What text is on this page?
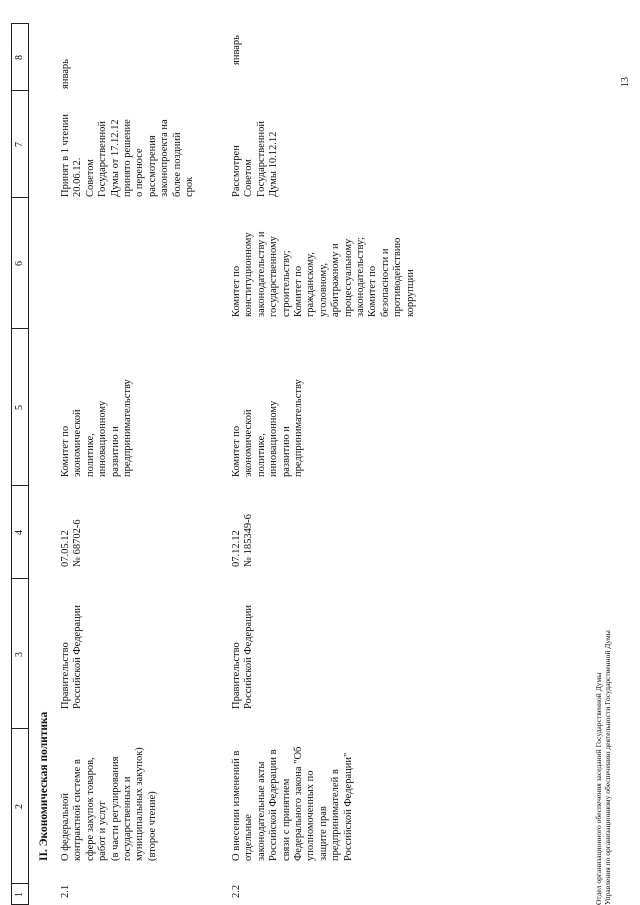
1
2
3
4
5
6
7
8
II. Экономическая политика
2.1
О федеральной
контрактной системе в
сфере закупок товаров,
работ и услуг
(в части регулирования
государственных и
муниципальных закупок)
(второе чтение)
Правительство
Российской Федерации
07.05.12
№ 68702-6
Комитет по
экономической
политике,
инновационному
развитию и
предпринимательству
Принят в 1 чтении
20.06.12.
Советом
Государственной
Думы от 17.12.12
принято решение
о переносе
рассмотрения
законопроекта на
более поздний
срок
январь
2.2
О внесении изменений в
отдельные
законодательные акты
Российской Федерации в
связи с принятием
Федерального закона "Об
уполномоченных по
защите прав
предпринимателей в
Российской Федерации"
Правительство
Российской Федерации
07.12.12
№ 185349-6
Комитет по
экономической
политике,
инновационному
развитию и
предпринимательству
Комитет по
конституционному
законодательству и
государственному
строительству;
Комитет по
гражданскому,
уголовному,
арбитражному и
процессуальному
законодательству;
Комитет по
безопасности и
противодействию
коррупции
Рассмотрен
Советом
Государственной
Думы 10.12.12
январь
Отдел организационного обеспечения заседаний Государственной Думы Управления по организационному обеспечению деятельности Государственной Думы
13
